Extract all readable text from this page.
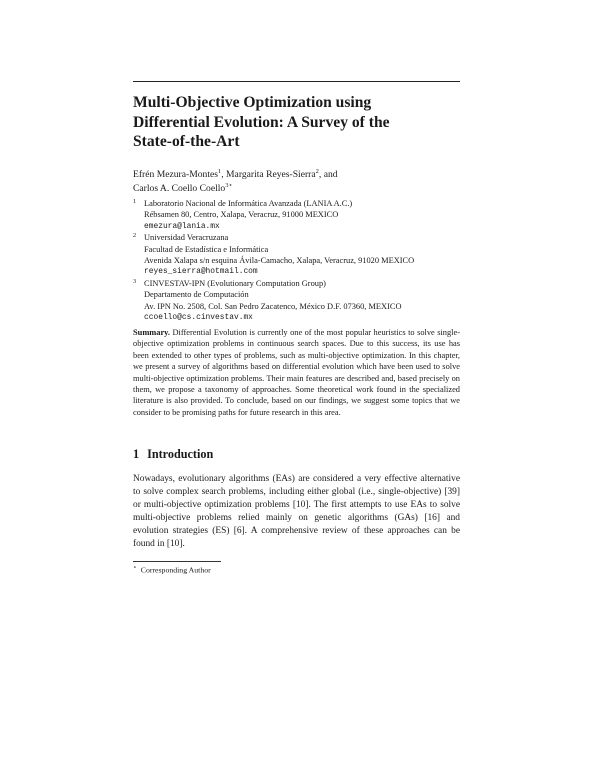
Multi-Objective Optimization using
Differential Evolution: A Survey of the
State-of-the-Art
Efrén Mezura-Montes$^1$, Margarita Reyes-Sierra$^2$, and
Carlos A. Coello Coello$^{3⋆}$
1 Laboratorio Nacional de Informática Avanzada (LANIA A.C.)
Rébsamen 80, Centro, Xalapa, Veracruz, 91000 MEXICO
emezura@lania.mx
2 Universidad Veracruzana
Facultad de Estadística e Informática
Avenida Xalapa s/n esquina Ávila-Camacho, Xalapa, Veracruz, 91020 MEXICO
reyes_sierra@hotmail.com
3 CINVESTAV-IPN (Evolutionary Computation Group)
Departamento de Computación
Av. IPN No. 2508, Col. San Pedro Zacatenco, México D.F. 07360, MEXICO
ccoello@cs.cinvestav.mx
Summary. Differential Evolution is currently one of the most popular heuristics to solve single-objective optimization problems in continuous search spaces. Due to this success, its use has been extended to other types of problems, such as multi-objective optimization. In this chapter, we present a survey of algorithms based on differential evolution which have been used to solve multi-objective optimization problems. Their main features are described and, based precisely on them, we propose a taxonomy of approaches. Some theoretical work found in the specialized literature is also provided. To conclude, based on our findings, we suggest some topics that we consider to be promising paths for future research in this area.
1 Introduction
Nowadays, evolutionary algorithms (EAs) are considered a very effective alternative to solve complex search problems, including either global (i.e., single-objective) [39] or multi-objective optimization problems [10]. The first attempts to use EAs to solve multi-objective problems relied mainly on genetic algorithms (GAs) [16] and evolution strategies (ES) [6]. A comprehensive review of these approaches can be found in [10].
⋆ Corresponding Author
